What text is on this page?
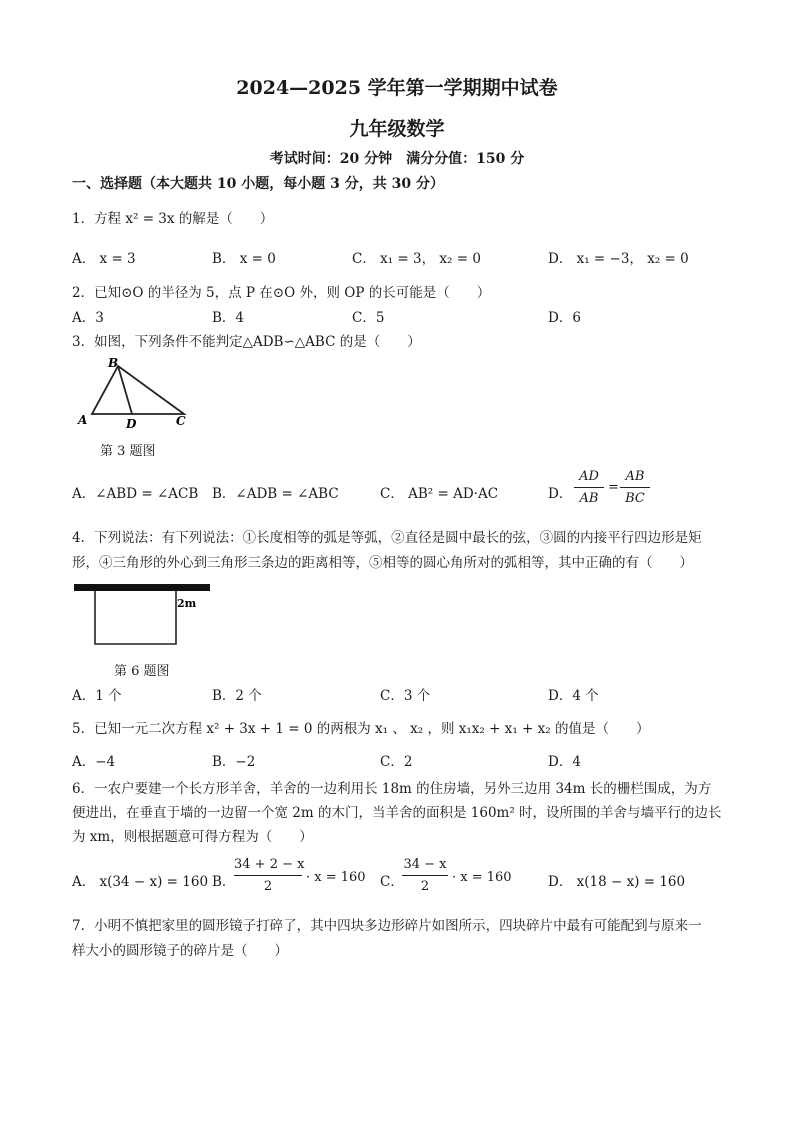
2024—2025 学年第一学期期中试卷
九年级数学
考试时间：20 分钟　满分分值：150 分
一、选择题（本大题共 10 小题，每小题 3 分，共 30 分）
1．方程 x² = 3x 的解是（　　）
A． x = 3	B． x = 0	C． x₁ = 3， x₂ = 0	D． x₁ = −3， x₂ = 0
2．已知⊙O 的半径为 5，点 P 在⊙O 外，则 OP 的长可能是（　　）
A．3	B．4	C．5	D．6
3．如图，下列条件不能判定△ADB∽△ABC 的是（　　）
B
A	D	C
第 3 题图
A．∠ABD = ∠ACB B．∠ADB = ∠ABC	C． AB² = AD·AC	D．
AD
AB
=
AB
BC
4．下列说法：有下列说法：①长度相等的弧是等弧，②直径是圆中最长的弦，③圆的内接平行四边形是矩
形，④三角形的外心到三角形三条边的距离相等，⑤相等的圆心角所对的弧相等，其中正确的有（　　）
2m
第 6 题图
A．1 个	B．2 个	C．3 个	D．4 个
5．已知一元二次方程 x² + 3x + 1 = 0 的两根为 x₁ 、 x₂ ，则 x₁x₂ + x₁ + x₂ 的值是（　　）
A．−4	B．−2	C．2	D．4
6．一农户要建一个长方形羊舍，羊舍的一边利用长 18m 的住房墙，另外三边用 34m 长的栅栏围成，为方
便进出，在垂直于墙的一边留一个宽 2m 的木门，当羊舍的面积是 160m² 时，设所围的羊舍与墙平行的边长
为 xm，则根据题意可得方程为（　　）
A． x(34 − x) = 160 B．
34 + 2 − x
2
· x = 160 C．
34 − x
2
· x = 160	D． x(18 − x) = 160
7．小明不慎把家里的圆形镜子打碎了，其中四块多边形碎片如图所示，四块碎片中最有可能配到与原来一
样大小的圆形镜子的碎片是（　　）
